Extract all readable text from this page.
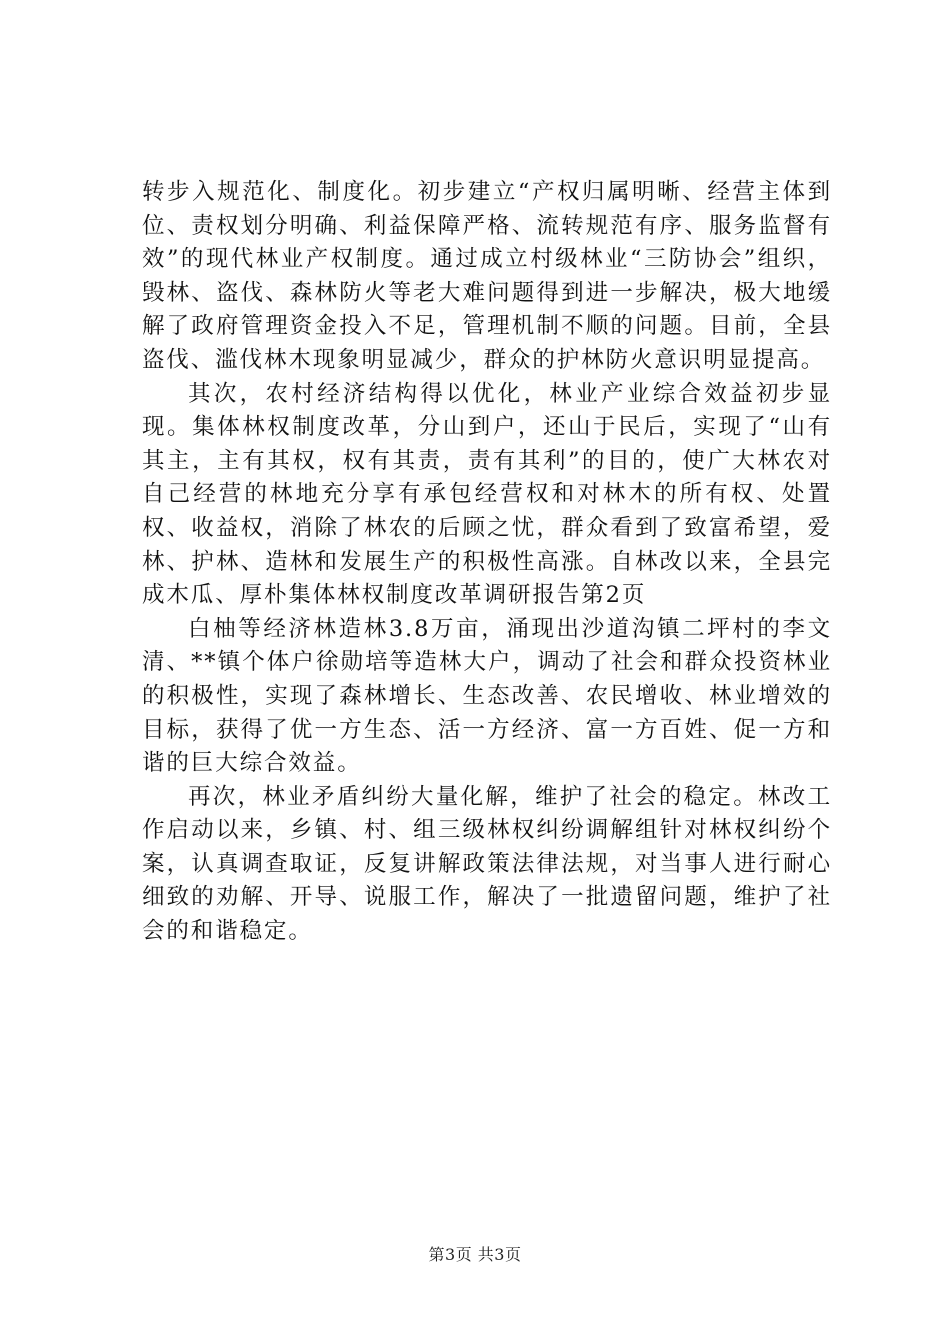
转步入规范化、制度化。初步建立“产权归属明晰、经营主体到位、责权划分明确、利益保障严格、流转规范有序、服务监督有效”的现代林业产权制度。通过成立村级林业“三防协会”组织，毁林、盗伐、森林防火等老大难问题得到进一步解决，极大地缓解了政府管理资金投入不足，管理机制不顺的问题。目前，全县盗伐、滥伐林木现象明显减少，群众的护林防火意识明显提高。

其次，农村经济结构得以优化，林业产业综合效益初步显现。集体林权制度改革，分山到户，还山于民后，实现了“山有其主，主有其权，权有其责，责有其利”的目的，使广大林农对自己经营的林地充分享有承包经营权和对林木的所有权、处置权、收益权，消除了林农的后顾之忧，群众看到了致富希望，爱林、护林、造林和发展生产的积极性高涨。自林改以来，全县完成木瓜、厚朴集体林权制度改革调研报告第2页

白柚等经济林造林3.8万亩，涌现出沙道沟镇二坪村的李文清、**镇个体户徐勋培等造林大户，调动了社会和群众投资林业的积极性，实现了森林增长、生态改善、农民增收、林业增效的目标，获得了优一方生态、活一方经济、富一方百姓、促一方和谐的巨大综合效益。

再次，林业矛盾纠纷大量化解，维护了社会的稳定。林改工作启动以来，乡镇、村、组三级林权纠纷调解组针对林权纠纷个案，认真调查取证，反复讲解政策法律法规，对当事人进行耐心细致的劝解、开导、说服工作，解决了一批遗留问题，维护了社会的和谐稳定。

第3页 共3页
